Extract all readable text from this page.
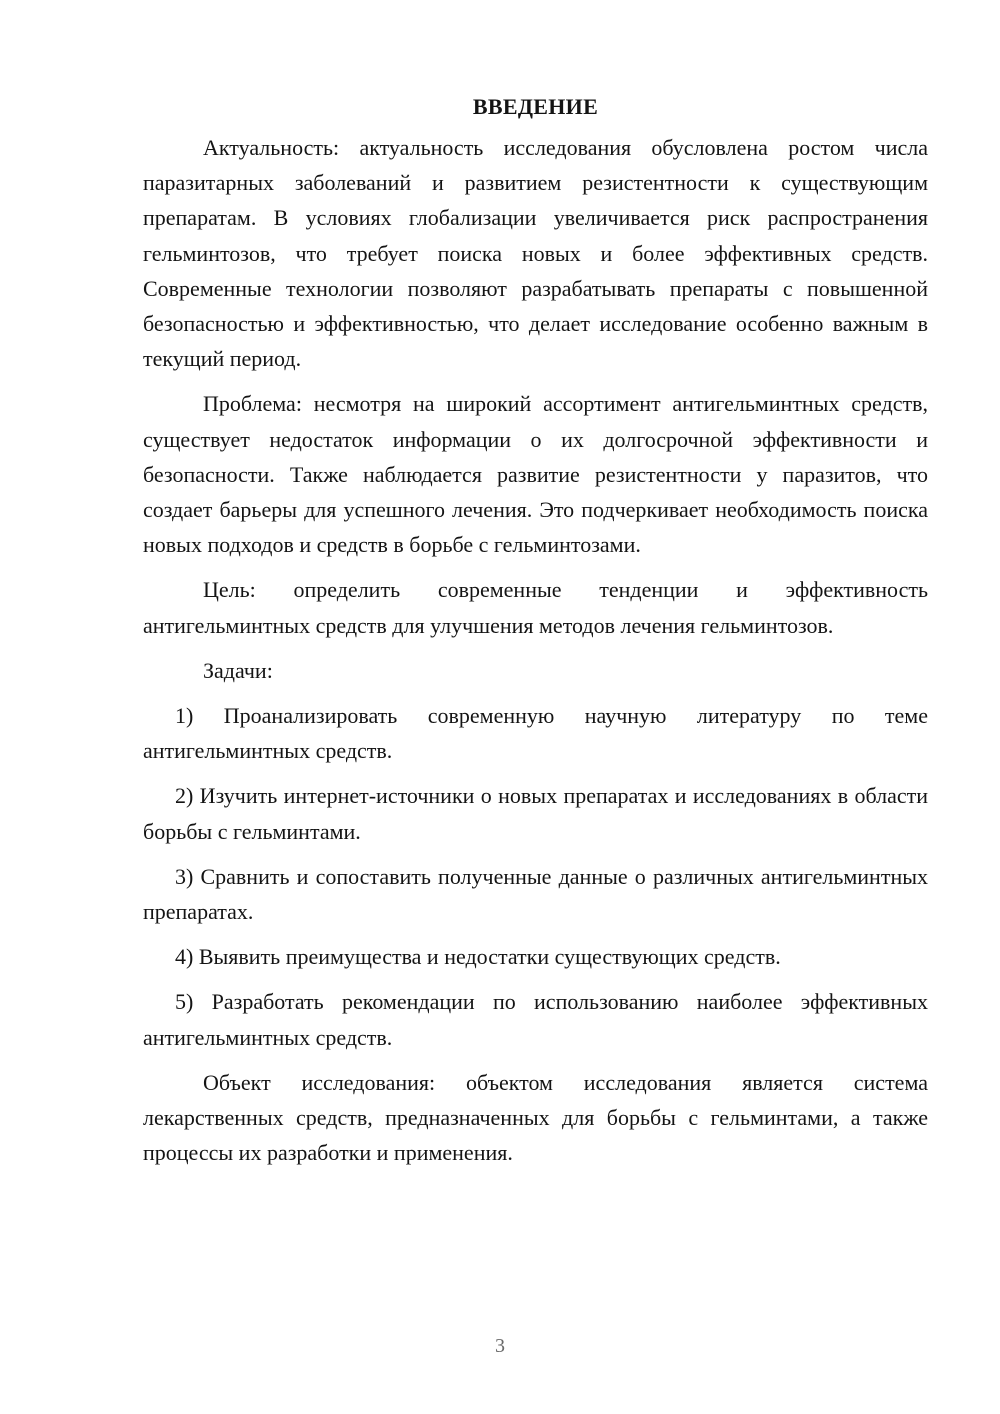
ВВЕДЕНИЕ

Актуальность: актуальность исследования обусловлена ростом числа паразитарных заболеваний и развитием резистентности к существующим препаратам. В условиях глобализации увеличивается риск распространения гельминтозов, что требует поиска новых и более эффективных средств. Современные технологии позволяют разрабатывать препараты с повышенной безопасностью и эффективностью, что делает исследование особенно важным в текущий период.

Проблема: несмотря на широкий ассортимент антигельминтных средств, существует недостаток информации о их долгосрочной эффективности и безопасности. Также наблюдается развитие резистентности у паразитов, что создает барьеры для успешного лечения. Это подчеркивает необходимость поиска новых подходов и средств в борьбе с гельминтозами.

Цель: определить современные тенденции и эффективность антигельминтных средств для улучшения методов лечения гельминтозов.

Задачи:

1) Проанализировать современную научную литературу по теме антигельминтных средств.

2) Изучить интернет-источники о новых препаратах и исследованиях в области борьбы с гельминтами.

3) Сравнить и сопоставить полученные данные о различных антигельминтных препаратах.

4) Выявить преимущества и недостатки существующих средств.

5) Разработать рекомендации по использованию наиболее эффективных антигельминтных средств.

Объект исследования: объектом исследования является система лекарственных средств, предназначенных для борьбы с гельминтами, а также процессы их разработки и применения.

3
